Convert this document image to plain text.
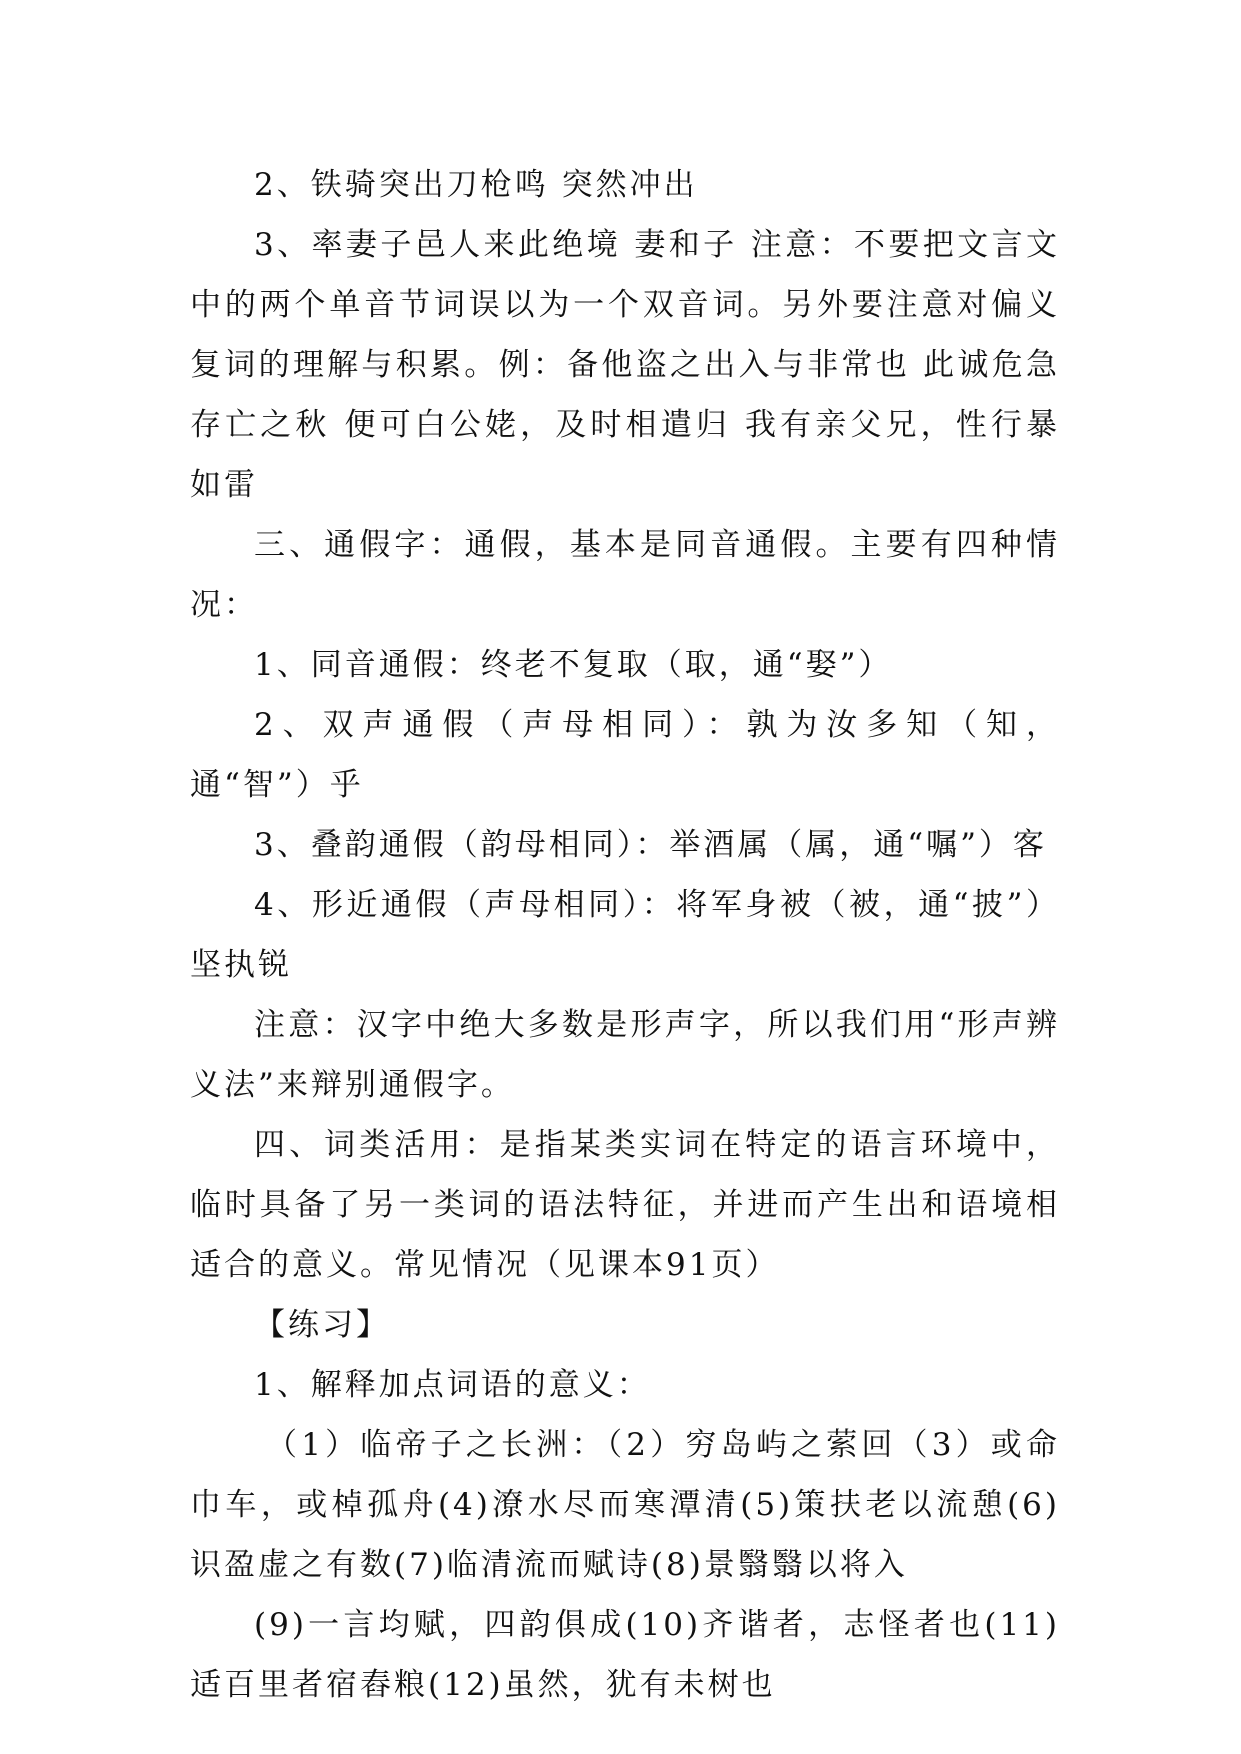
2、铁骑突出刀枪鸣 突然冲出

3、率妻子邑人来此绝境 妻和子 注意：不要把文言文中的两个单音节词误以为一个双音词。另外要注意对偏义复词的理解与积累。例：备他盗之出入与非常也 此诚危急存亡之秋 便可白公姥，及时相遣归 我有亲父兄，性行暴如雷

三、通假字：通假，基本是同音通假。主要有四种情况：

1、同音通假：终老不复取（取，通“娶”）

2、双声通假（声母相同）：孰为汝多知（知，通“智”）乎

3、叠韵通假（韵母相同）：举酒属（属，通“嘱”）客

4、形近通假（声母相同）：将军身被（被，通“披”）坚执锐

注意：汉字中绝大多数是形声字，所以我们用“形声辨义法”来辩别通假字。

四、词类活用：是指某类实词在特定的语言环境中，临时具备了另一类词的语法特征，并进而产生出和语境相适合的意义。常见情况（见课本91页）

【练习】

1、解释加点词语的意义：

（1）临帝子之长洲：（2）穷岛屿之萦回（3）或命巾车，或棹孤舟(4)潦水尽而寒潭清(5)策扶老以流憩(6)识盈虚之有数(7)临清流而赋诗(8)景翳翳以将入

(9)一言均赋，四韵俱成(10)齐谐者，志怪者也(11)适百里者宿舂粮(12)虽然，犹有未树也
